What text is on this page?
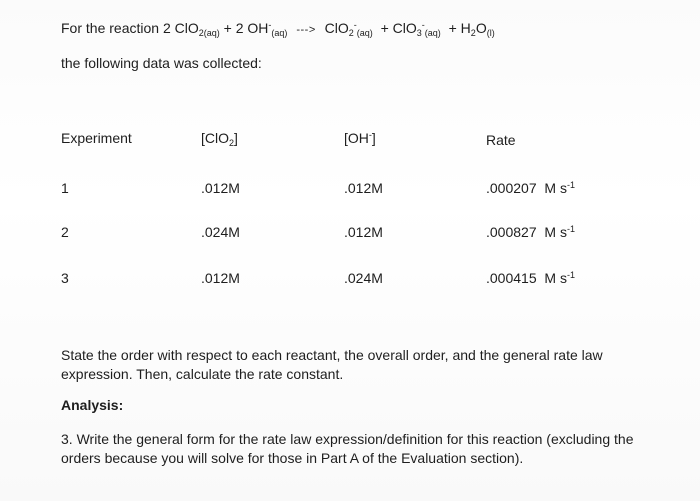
For the reaction 2 ClO$_{2(aq)}$ + 2 $OH^-_{(aq)}$ ---> $ClO_2^-_{(aq)} + ClO_3^-_{(aq)} + H_2O_{(l)}$
the following data was collected:
Experiment	[ClO$_2$]	[OH-]	Rate
1	.012M	.012M	.000207 M $s^{-1}$
2	.024M	.012M	.000827 M $s^{-1}$
3	.012M	.024M	.000415 M $s^{-1}$
State the order with respect to each reactant, the overall order, and the general rate law expression. Then, calculate the rate constant.
Analysis:
3. Write the general form for the rate law expression/definition for this reaction (excluding the orders because you will solve for those in Part A of the Evaluation section).
